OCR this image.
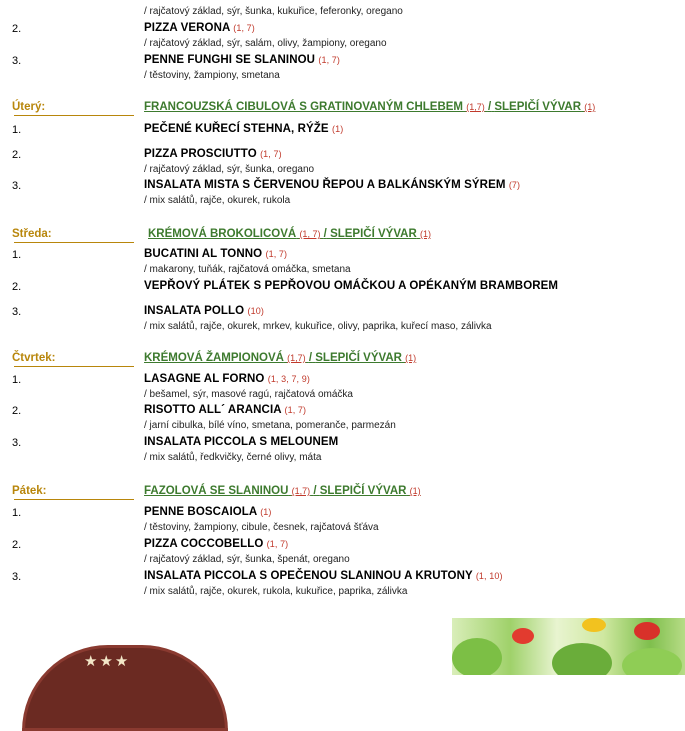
/ rajčatový základ, sýr, šunka, kukuřice, feferonky, oregano
2.	PIZZA VERONA (1, 7)
/ rajčatový základ, sýr, salám, olivy, žampiony, oregano
3.	PENNE FUNGHI SE SLANINOU (1, 7)
/ těstoviny, žampiony, smetana
Úterý:	FRANCOUZSKÁ CIBULOVÁ S GRATINOVANÝM CHLEBEM (1,7) / SLEPIČÍ VÝVAR (1)
1.	PEČENÉ KUŘECÍ STEHNA, RÝŽE (1)
2.	PIZZA PROSCIUTTO (1, 7)
/ rajčatový základ, sýr, šunka, oregano
3.	INSALATA MISTA S ČERVENOU ŘEPOU A BALKÁNSKÝM SÝREM (7)
/ mix salátů, rajče, okurek, rukola
Středa:	KRÉMOVÁ BROKOLICOVÁ (1, 7) / SLEPIČÍ VÝVAR (1)
1.	BUCATINI AL TONNO (1, 7)
/ makarony, tuňák, rajčatová omáčka, smetana
2.	VEPŘOVÝ PLÁTEK S PEPŘOVOU OMÁČKOU A OPÉKANÝM BRAMBOREM
3.	INSALATA POLLO (10)
/ mix salátů, rajče, okurek, mrkev, kukuřice, olivy, paprika, kuřecí maso, zálivka
Čtvrtek:	KRÉMOVÁ ŽAMPIONOVÁ (1,7) / SLEPIČÍ VÝVAR (1)
1.	LASAGNE AL FORNO (1, 3, 7, 9)
/ bešamel, sýr, masové ragú, rajčatová omáčka
2.	RISOTTO ALL´ ARANCIA (1, 7)
/ jarní cibulka, bílé víno, smetana, pomeranče, parmezán
3.	INSALATA PICCOLA S MELOUNEM
/ mix salátů, ředkvičky, černé olivy, máta
Pátek:	FAZOLOVÁ SE SLANINOU (1,7) / SLEPIČÍ VÝVAR (1)
1.	PENNE BOSCAIOLA (1)
/ těstoviny, žampiony, cibule, česnek, rajčatová šťáva
2.	PIZZA COCCOBELLO (1, 7)
/ rajčatový základ, sýr, šunka, špenát, oregano
3.	INSALATA PICCOLA S OPEČENOU SLANINOU A KRUTONY (1, 10)
/ mix salátů, rajče, okurek, rukola, kukuřice, paprika, zálivka
★★★
